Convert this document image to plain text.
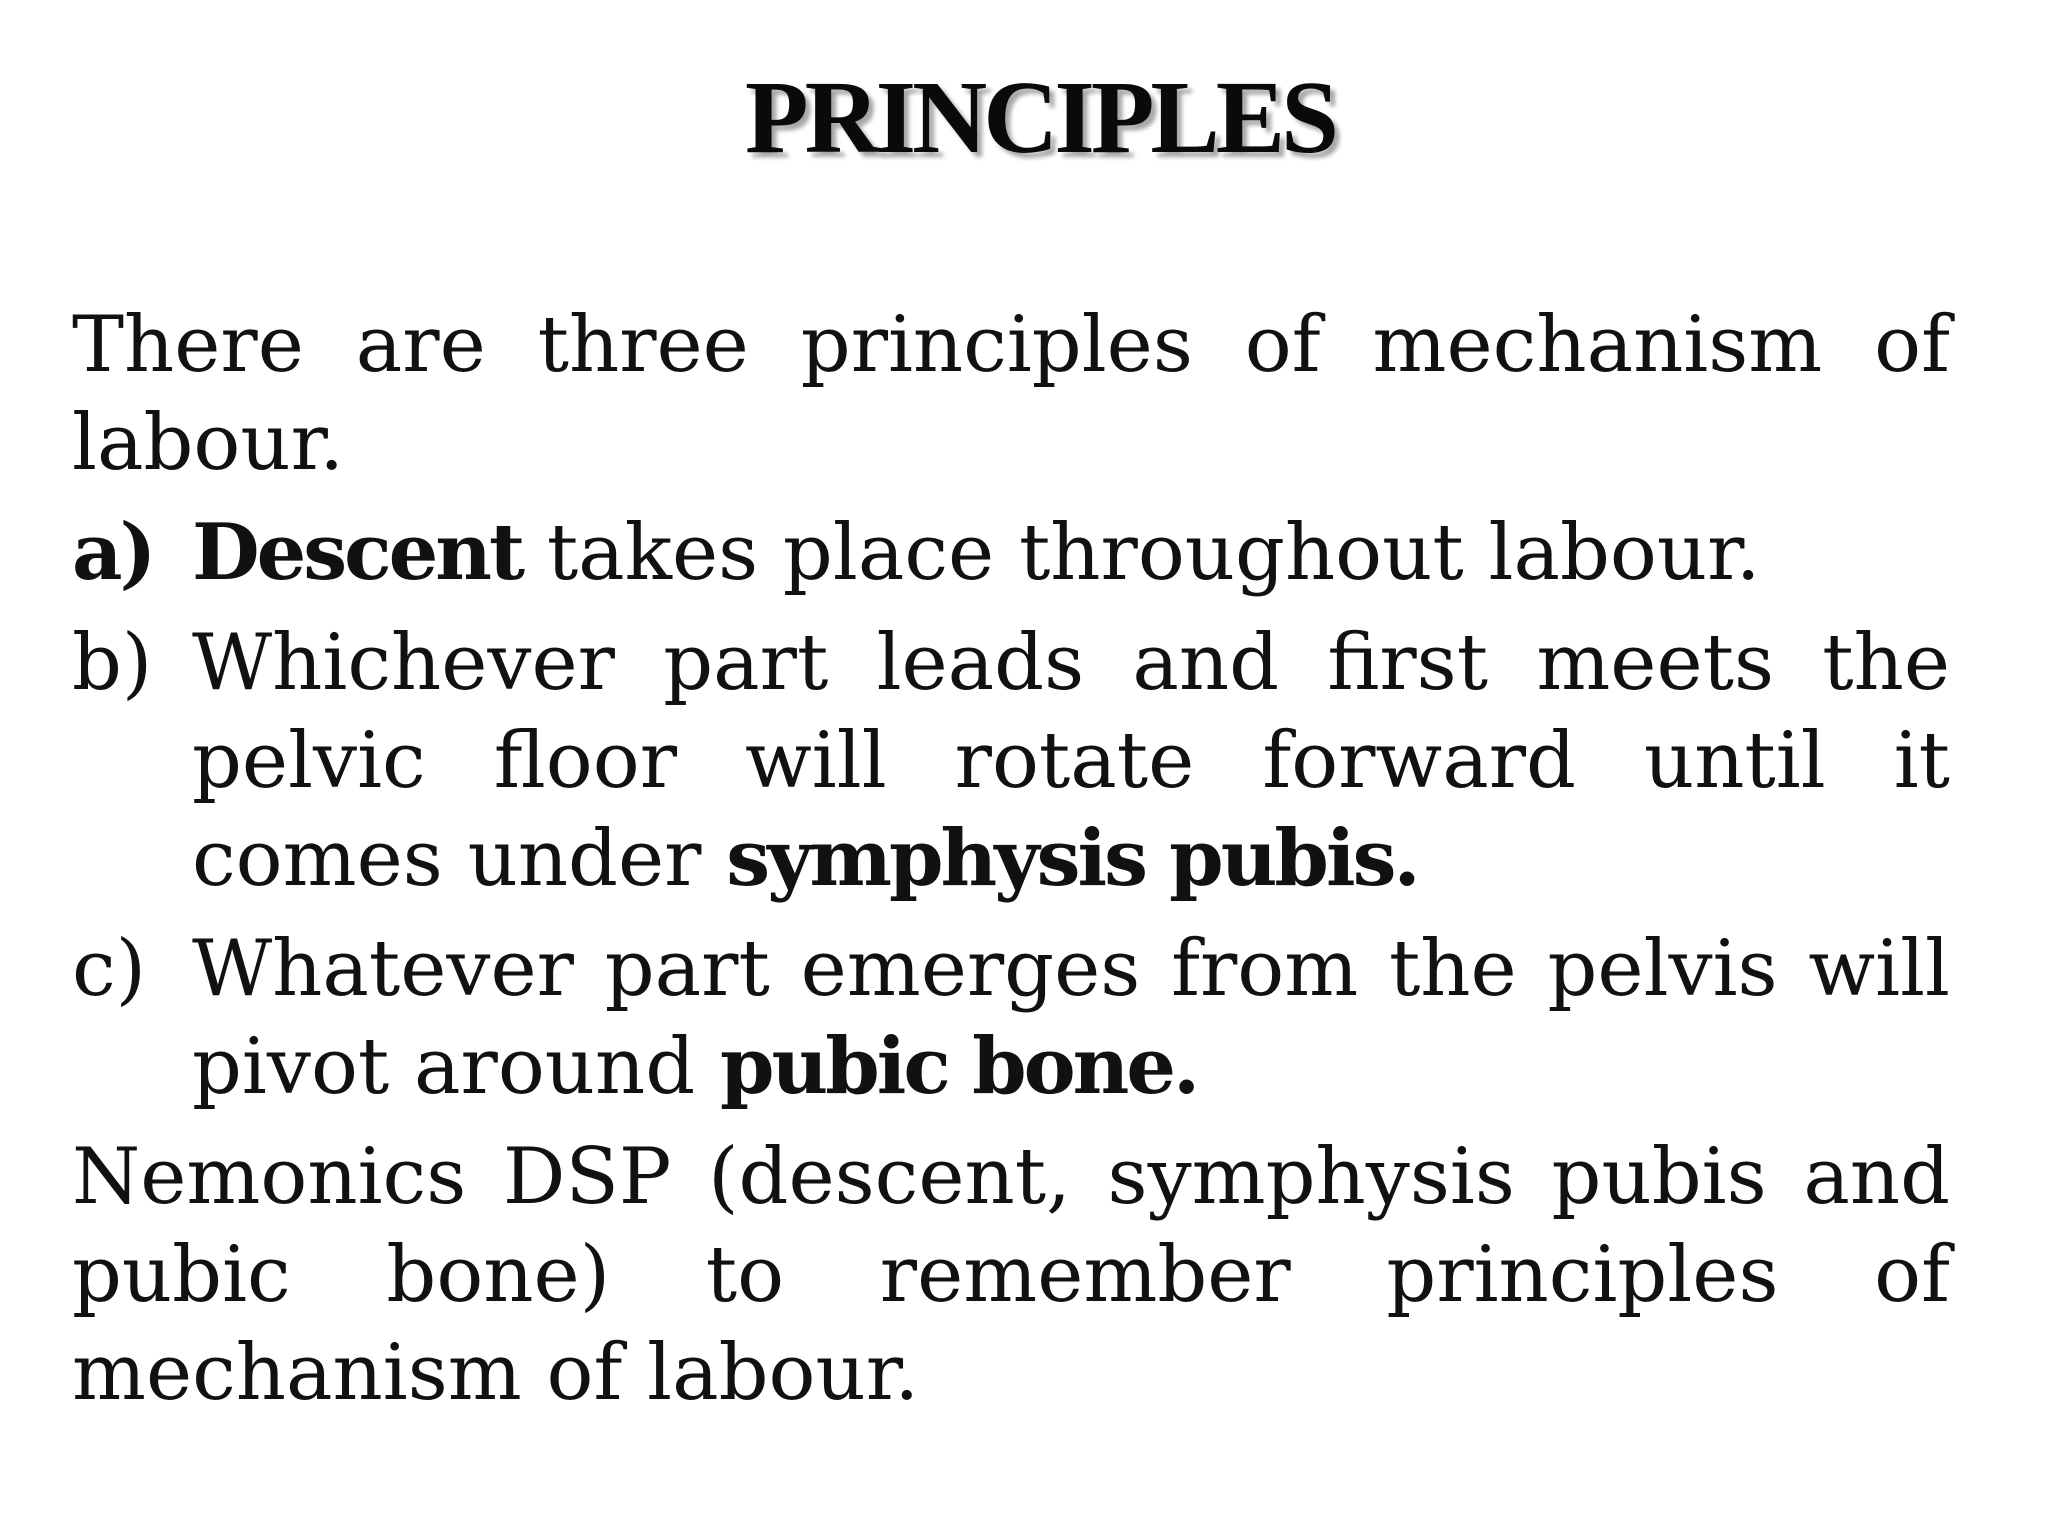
PRINCIPLES

There are three principles of mechanism of labour.

a) Descent takes place throughout labour.
b) Whichever part leads and first meets the pelvic floor will rotate forward until it comes under symphysis pubis.
c) Whatever part emerges from the pelvis will pivot around pubic bone.

Nemonics DSP (descent, symphysis pubis and pubic bone) to remember principles of mechanism of labour.
